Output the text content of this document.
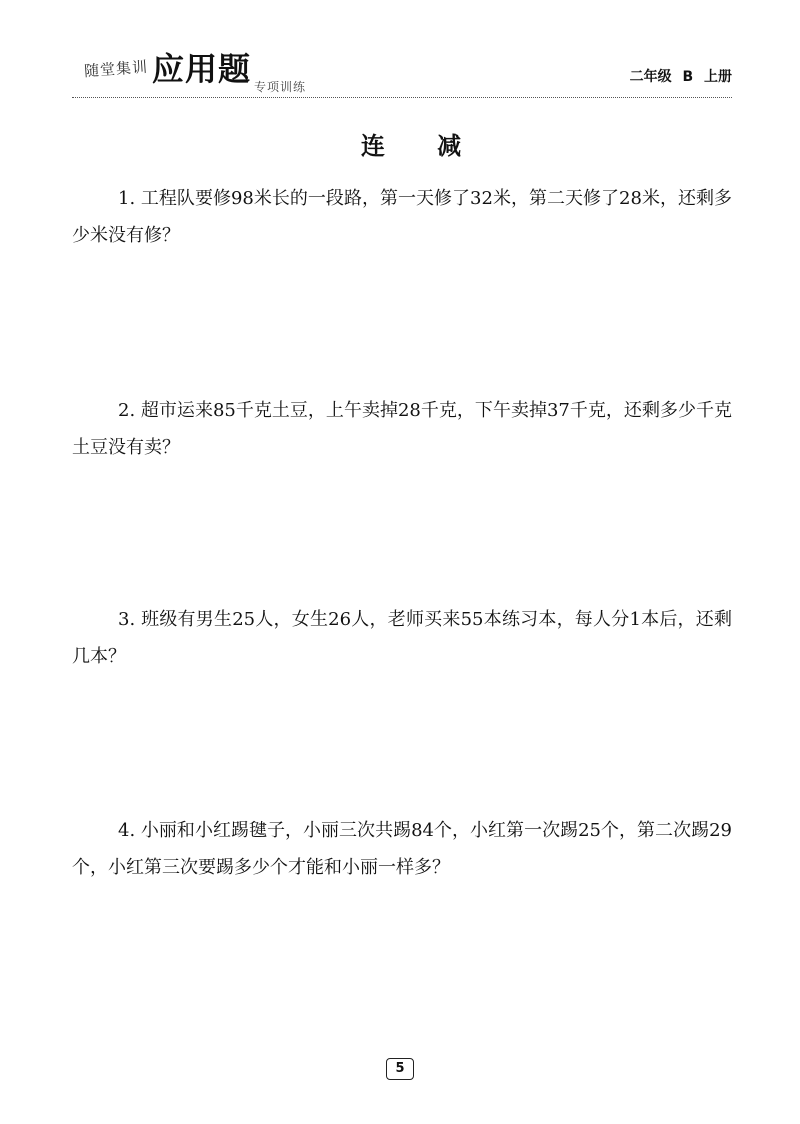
随堂集训 应用题 专项训练
二年级 B 上册
连 减
1. 工程队要修98米长的一段路，第一天修了32米，第二天修了28米，还剩多少米没有修？
2. 超市运来85千克土豆，上午卖掉28千克，下午卖掉37千克，还剩多少千克土豆没有卖？
3. 班级有男生25人，女生26人，老师买来55本练习本，每人分1本后，还剩几本？
4. 小丽和小红踢毽子，小丽三次共踢84个，小红第一次踢25个，第二次踢29个，小红第三次要踢多少个才能和小丽一样多？
5
